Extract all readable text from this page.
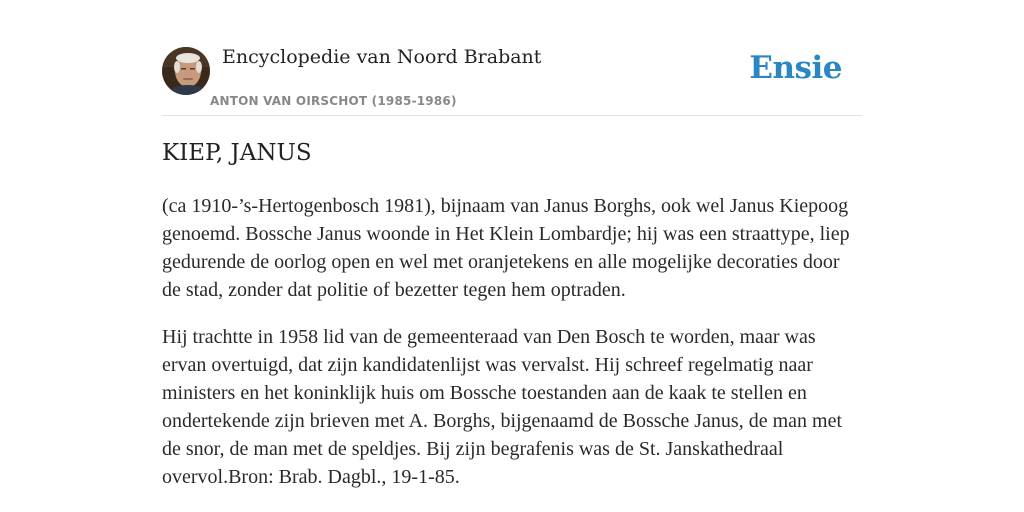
Encyclopedie van Noord Brabant
ANTON VAN OIRSCHOT (1985-1986)
Ensie
KIEP, JANUS

(ca 1910-’s-Hertogenbosch 1981), bijnaam van Janus Borghs, ook wel Janus Kiepoog genoemd. Bossche Janus woonde in Het Klein Lombardje; hij was een straattype, liep gedurende de oorlog open en wel met oranjetekens en alle mogelijke decoraties door de stad, zonder dat politie of bezetter tegen hem optraden.

Hij trachtte in 1958 lid van de gemeenteraad van Den Bosch te worden, maar was ervan overtuigd, dat zijn kandidatenlijst was vervalst. Hij schreef regelmatig naar ministers en het koninklijk huis om Bossche toestanden aan de kaak te stellen en ondertekende zijn brieven met A. Borghs, bijgenaamd de Bossche Janus, de man met de snor, de man met de speldjes. Bij zijn begrafenis was de St. Janskathedraal overvol.Bron: Brab. Dagbl., 19-1-85.
